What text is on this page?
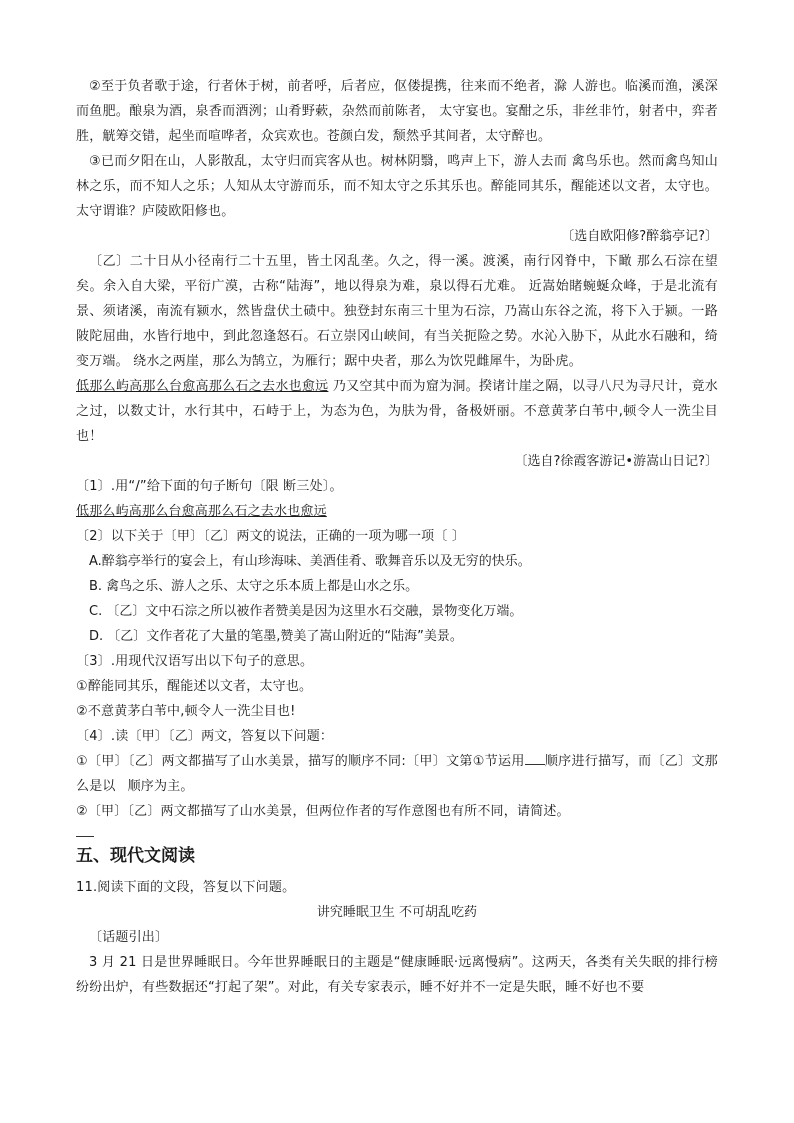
②至于负者歌于途，行者休于树，前者呼，后者应，伛偻提携，往来而不绝者，滁 人游也。临溪而渔，溪深而鱼肥。酿泉为酒，泉香而酒洌；山肴野蔌，杂然而前陈者， 太守宴也。宴酣之乐，非丝非竹，射者中，弈者胜，觥筹交错，起坐而喧哗者，众宾欢也。苍颜白发，颓然乎其间者，太守醉也。

③已而夕阳在山，人影散乱，太守归而宾客从也。树林阴翳，鸣声上下，游人去而 禽鸟乐也。然而禽鸟知山林之乐，而不知人之乐；人知从太守游而乐，而不知太守之乐其乐也。醉能同其乐，醒能述以文者，太守也。太守谓谁？庐陵欧阳修也。

〔选自欧阳修?醉翁亭记?〕

〔乙〕二十日从小径南行二十五里，皆土冈乱垄。久之，得一溪。渡溪，南行冈脊中，下瞰 那么石淙在望矣。余入自大梁，平衍广漠，古称“陆海”，地以得泉为难，泉以得石尤难。 近嵩始睹蜿蜒众峰，于是北流有景、须诸溪，南流有颍水，然皆盘伏土碛中。独登封东南三十里为石淙，乃嵩山东谷之流，将下入于颍。一路陂陀屈曲，水皆行地中，到此忽逢怒石。石立崇冈山峡间，有当关扼险之势。水沁入胁下，从此水石融和，绮变万端。 绕水之两崖，那么为鹄立，为雁行；踞中央者，那么为饮兕雌犀牛，为卧虎。
低那么屿高那么台愈高那么石之去水也愈远 乃又空其中而为窟为洞。揆诸计崖之隔，以寻八尺为寻尺计，竟水之过，以数丈计，水行其中，石峙于上，为态为色，为肤为骨，备极妍丽。不意黄茅白苇中,顿令人一洗尘目也！

〔选自?徐霞客游记•游嵩山日记?〕

〔1〕.用“/”给下面的句子断句〔限 断三处〕。

低那么屿高那么台愈高那么石之去水也愈远

〔2〕以下关于〔甲〕〔乙〕两文的说法，正确的一项为哪一项〔 〕

A.醉翁亭举行的宴会上，有山珍海味、美酒佳肴、歌舞音乐以及无穷的快乐。

B. 禽鸟之乐、游人之乐、太守之乐本质上都是山水之乐。

C. 〔乙〕文中石淙之所以被作者赞美是因为这里水石交融，景物变化万端。

D. 〔乙〕文作者花了大量的笔墨,赞美了嵩山附近的“陆海”美景。

〔3〕.用现代汉语写出以下句子的意思。

①醉能同其乐，醒能述以文者，太守也。

②不意黄茅白苇中,顿令人一洗尘目也!

〔4〕.读〔甲〕〔乙〕两文，答复以下问题：

①〔甲〕〔乙〕两文都描写了山水美景，描写的顺序不同:〔甲〕文第①节运用 顺序进行描写，而〔乙〕文那么是以 顺序为主。

②〔甲〕〔乙〕两文都描写了山水美景，但两位作者的写作意图也有所不同，请简述。

五、现代文阅读

11.阅读下面的文段，答复以下问题。

讲究睡眠卫生 不可胡乱吃药

〔话题引出〕

3 月 21 日是世界睡眠日。今年世界睡眠日的主题是“健康睡眠·远离慢病”。这两天，各类有关失眠的排行榜纷纷出炉，有些数据还“打起了架”。对此，有关专家表示，睡不好并不一定是失眠，睡不好也不要
